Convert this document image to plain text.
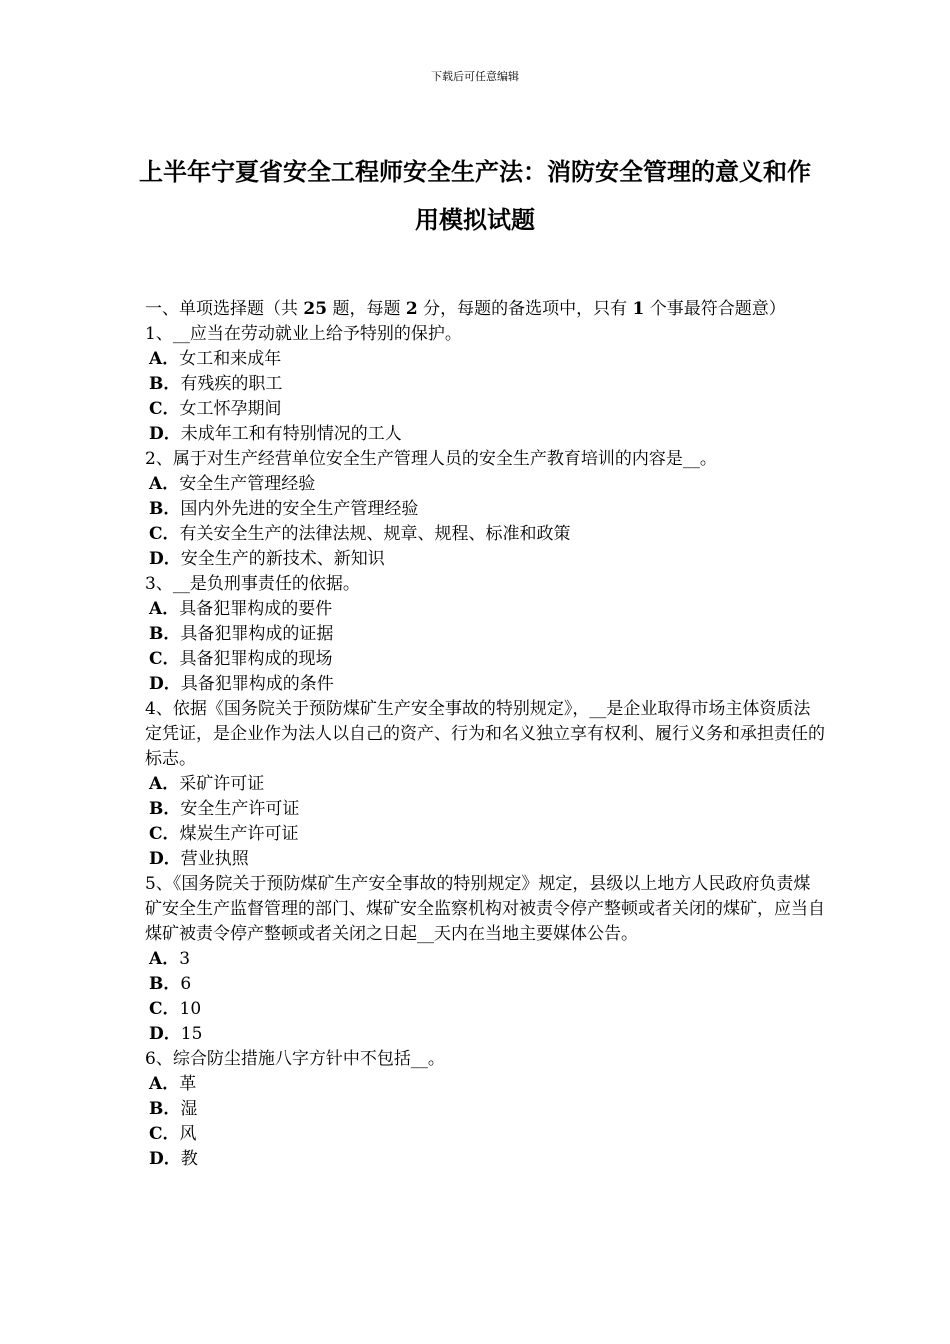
下载后可任意编辑
上半年宁夏省安全工程师安全生产法：消防安全管理的意义和作用模拟试题
一、单项选择题（共 25 题，每题 2 分，每题的备选项中，只有 1 个事最符合题意）
1、__应当在劳动就业上给予特别的保护。
A．女工和来成年
B．有残疾的职工
C．女工怀孕期间
D．未成年工和有特别情况的工人
2、属于对生产经营单位安全生产管理人员的安全生产教育培训的内容是__。
A．安全生产管理经验
B．国内外先进的安全生产管理经验
C．有关安全生产的法律法规、规章、规程、标准和政策
D．安全生产的新技术、新知识
3、__是负刑事责任的依据。
A．具备犯罪构成的要件
B．具备犯罪构成的证据
C．具备犯罪构成的现场
D．具备犯罪构成的条件
4、依据《国务院关于预防煤矿生产安全事故的特别规定》，__是企业取得市场主体资质法定凭证，是企业作为法人以自己的资产、行为和名义独立享有权利、履行义务和承担责任的标志。
A．采矿许可证
B．安全生产许可证
C．煤炭生产许可证
D．营业执照
5、《国务院关于预防煤矿生产安全事故的特别规定》规定，县级以上地方人民政府负责煤矿安全生产监督管理的部门、煤矿安全监察机构对被责令停产整顿或者关闭的煤矿，应当自煤矿被责令停产整顿或者关闭之日起__天内在当地主要媒体公告。
A．3
B．6
C．10
D．15
6、综合防尘措施八字方针中不包括__。
A．革
B．湿
C．风
D．教
